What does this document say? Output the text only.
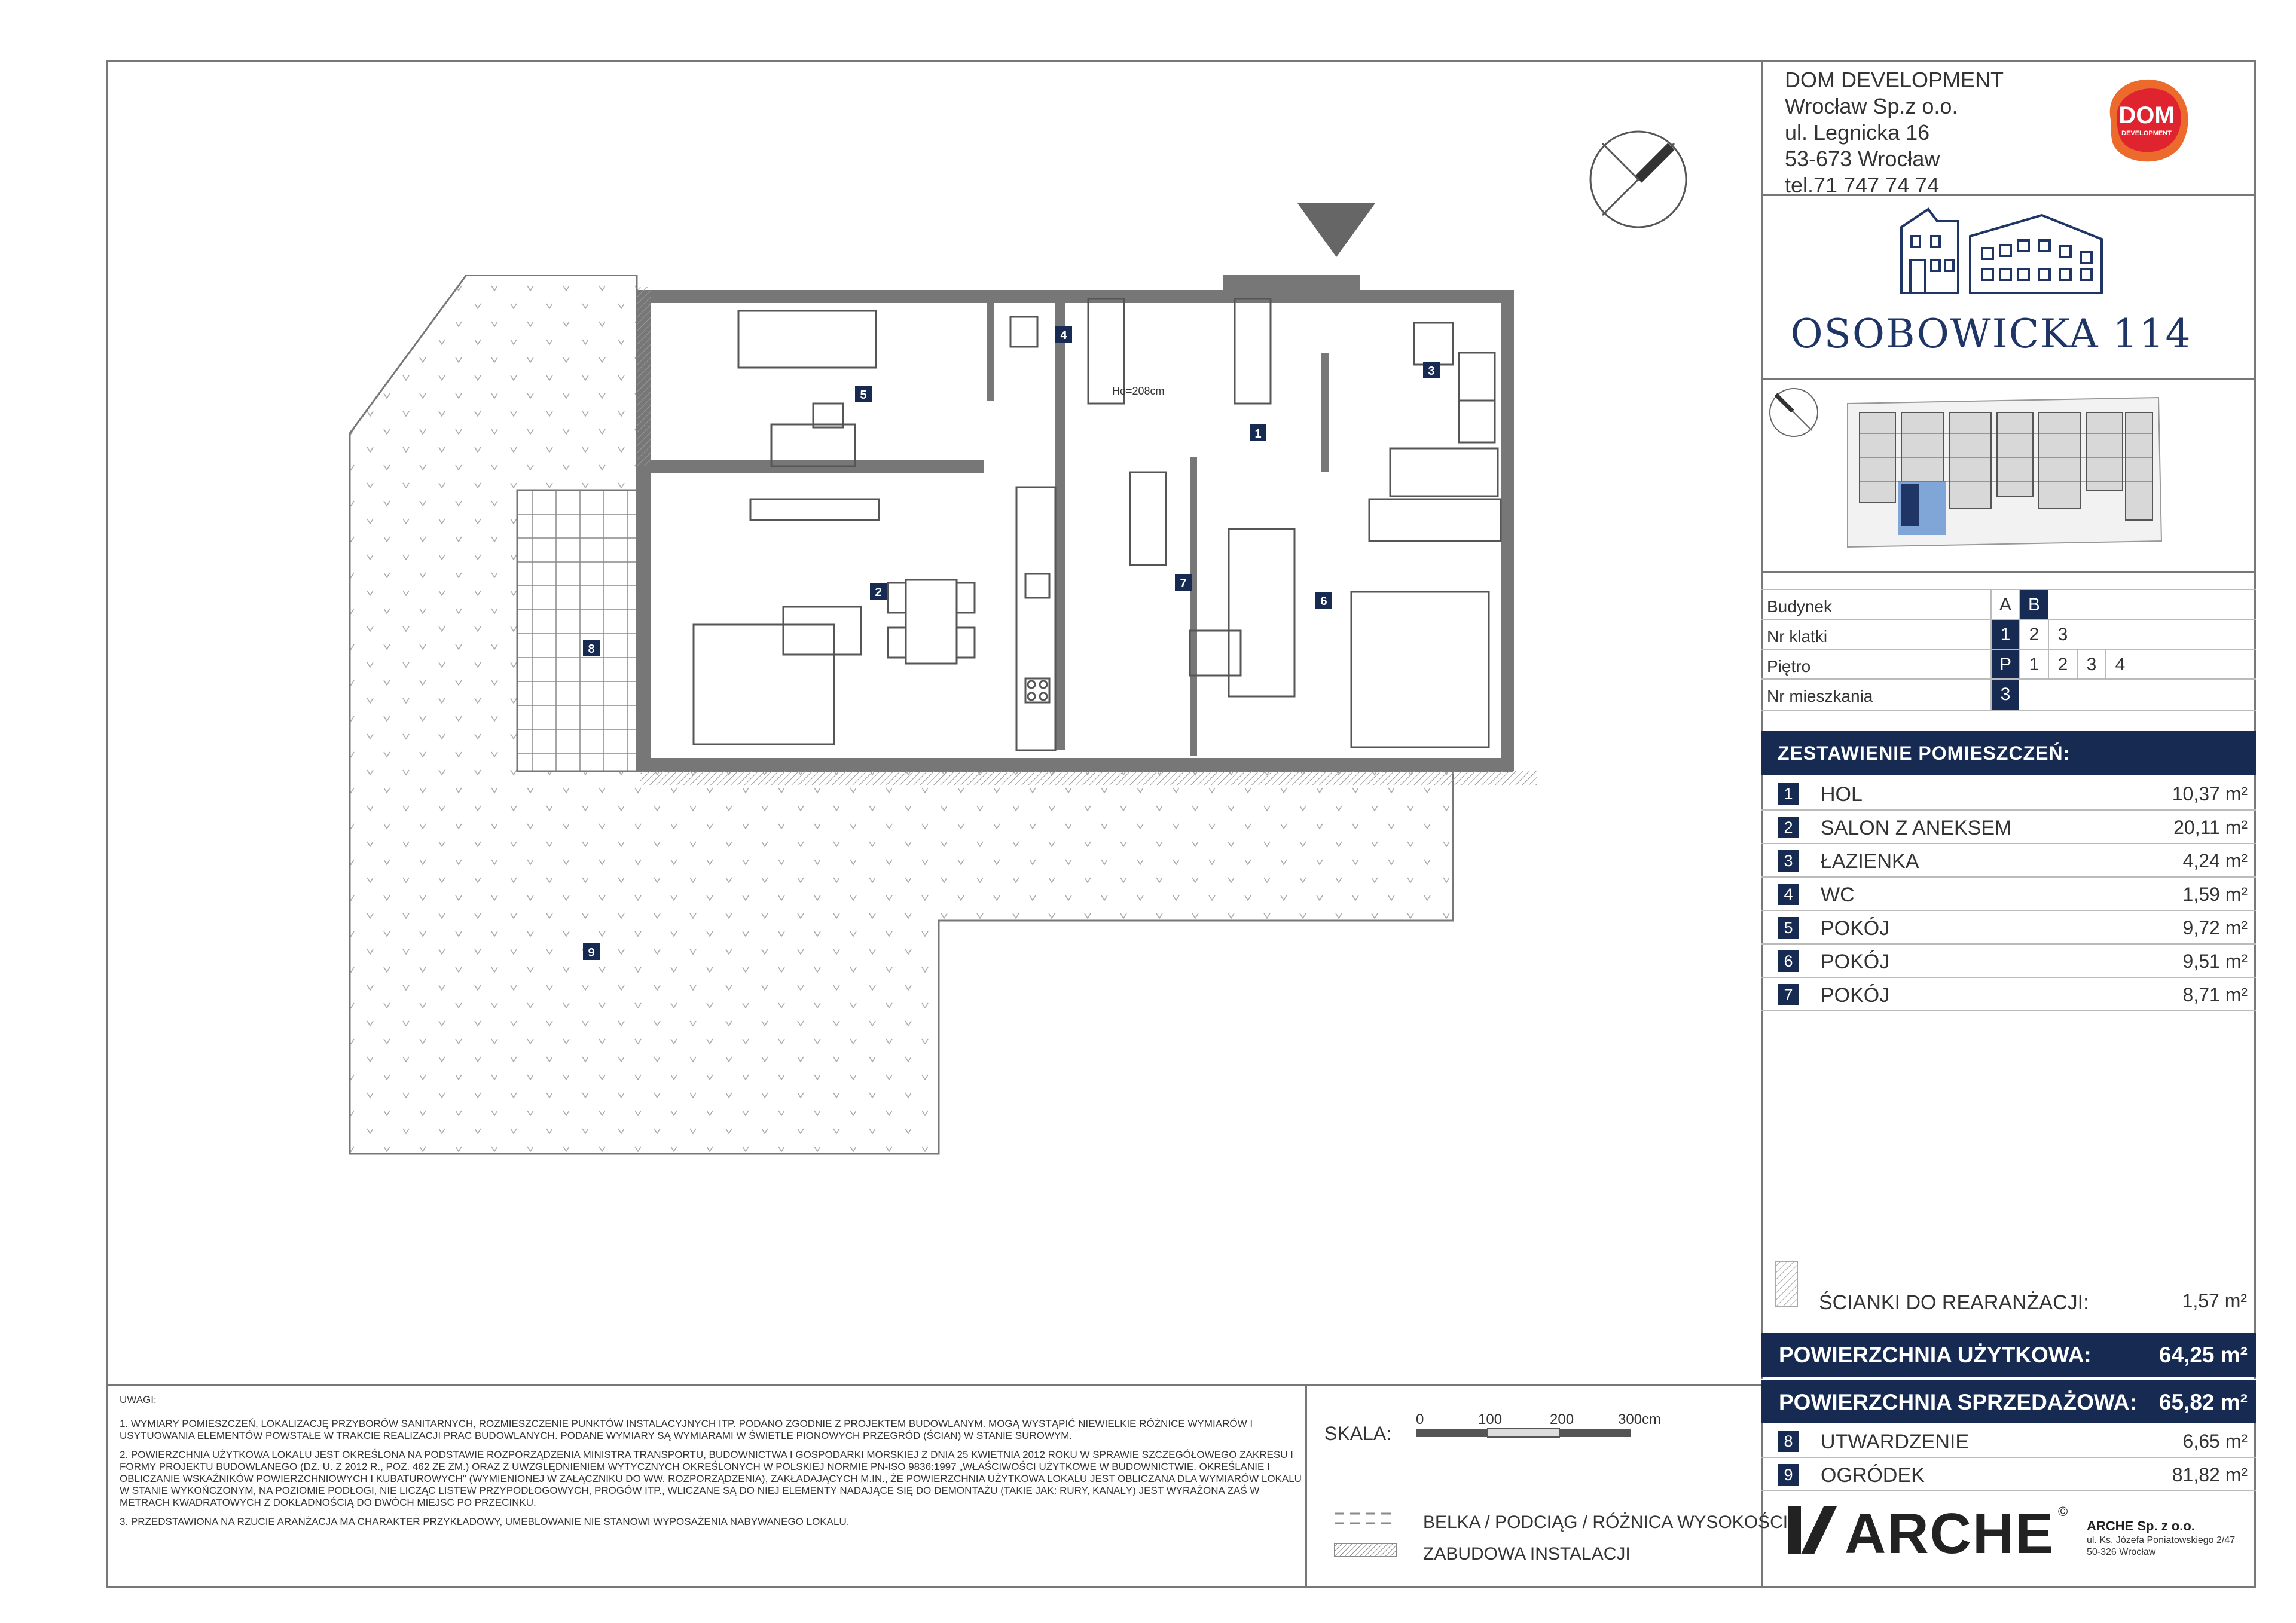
DOM DEVELOPMENT
Wrocław Sp.z o.o.
ul. Legnicka 16
53-673 Wrocław
tel.71 747 74 74
DOM
DEVELOPMENT
OSOBOWICKA 114
Budynek	A B
Nr klatki	1	2	3
Piętro	P 1	2	3	4
Nr mieszkania	3
ZESTAWIENIE POMIESZCZEŃ:
1	HOL	10,37 m²
2	SALON Z ANEKSEM	20,11 m²
3	ŁAZIENKA	4,24 m²
4	WC	1,59 m²
5	POKÓJ	9,72 m²
6	POKÓJ	9,51 m²
7	POKÓJ	8,71 m²
ŚCIANKI DO REARANŻACJI:	1,57 m²
POWIERZCHNIA UŻYTKOWA:	64,25 m²
POWIERZCHNIA SPRZEDAŻOWA: 65,82 m²
8	UTWARDZENIE	6,65 m²
9	OGRÓDEK	81,82 m²
ARCHE ©
ARCHE Sp. z o.o.
ul. Ks. Józefa Poniatowskiego 2/47
50-326 Wrocław

UWAGI:

1. WYMIARY POMIESZCZEŃ, LOKALIZACJĘ PRZYBORÓW SANITARNYCH, ROZMIESZCZENIE PUNKTÓW INSTALACYJNYCH ITP. PODANO ZGODNIE Z PROJEKTEM BUDOWLANYM. MOGĄ WYSTĄPIĆ NIEWIELKIE RÓŻNICE WYMIARÓW I USYTUOWANIA ELEMENTÓW POWSTAŁE W TRAKCIE REALIZACJI PRAC BUDOWLANYCH. PODANE WYMIARY SĄ WYMIARAMI W ŚWIETLE PIONOWYCH PRZEGRÓD (ŚCIAN) W STANIE SUROWYM.

2. POWIERZCHNIA UŻYTKOWA LOKALU JEST OKREŚLONA NA PODSTAWIE ROZPORZĄDZENIA MINISTRA TRANSPORTU, BUDOWNICTWA I GOSPODARKI MORSKIEJ Z DNIA 25 KWIETNIA 2012 ROKU W SPRAWIE SZCZEGÓŁOWEGO ZAKRESU I FORMY PROJEKTU BUDOWLANEGO (DZ. U. Z 2012 R., POZ. 462 ZE ZM.) ORAZ Z UWZGLĘDNIENIEM WYTYCZNYCH OKREŚLONYCH W POLSKIEJ NORMIE PN-ISO 9836:1997 „WŁAŚCIWOŚCI UŻYTKOWE W BUDOWNICTWIE. OKREŚLANIE I OBLICZANIE WSKAŹNIKÓW POWIERZCHNIOWYCH I KUBATUROWYCH" (WYMIENIONEJ W ZAŁĄCZNIKU DO WW. ROZPORZĄDZENIA), ZAKŁADAJĄCYCH M.IN., ŻE POWIERZCHNIA UŻYTKOWA LOKALU JEST OBLICZANA DLA WYMIARÓW LOKALU W STANIE WYKOŃCZONYM, NA POZIOMIE PODŁOGI, NIE LICZĄC LISTEW PRZYPODŁOGOWYCH, PROGÓW ITP., WLICZANE SĄ DO NIEJ ELEMENTY NADAJĄCE SIĘ DO DEMONTAŻU (TAKIE JAK: RURY, KANAŁY) JEST WYRAŻONA ZAŚ W METRACH KWADRATOWYCH Z DOKŁADNOŚCIĄ DO DWÓCH MIEJSC PO PRZECINKU.

3. PRZEDSTAWIONA NA RZUCIE ARANŻACJA MA CHARAKTER PRZYKŁADOWY, UMEBLOWANIE NIE STANOWI WYPOSAŻENIA NABYWANEGO LOKALU.

SKALA:
0	100	200	300cm
BELKA / PODCIĄG / RÓŻNICA WYSOKOŚCI
ZABUDOWA INSTALACJI
1
2
3
4
5
6
7
8
9
Ho=208cm
